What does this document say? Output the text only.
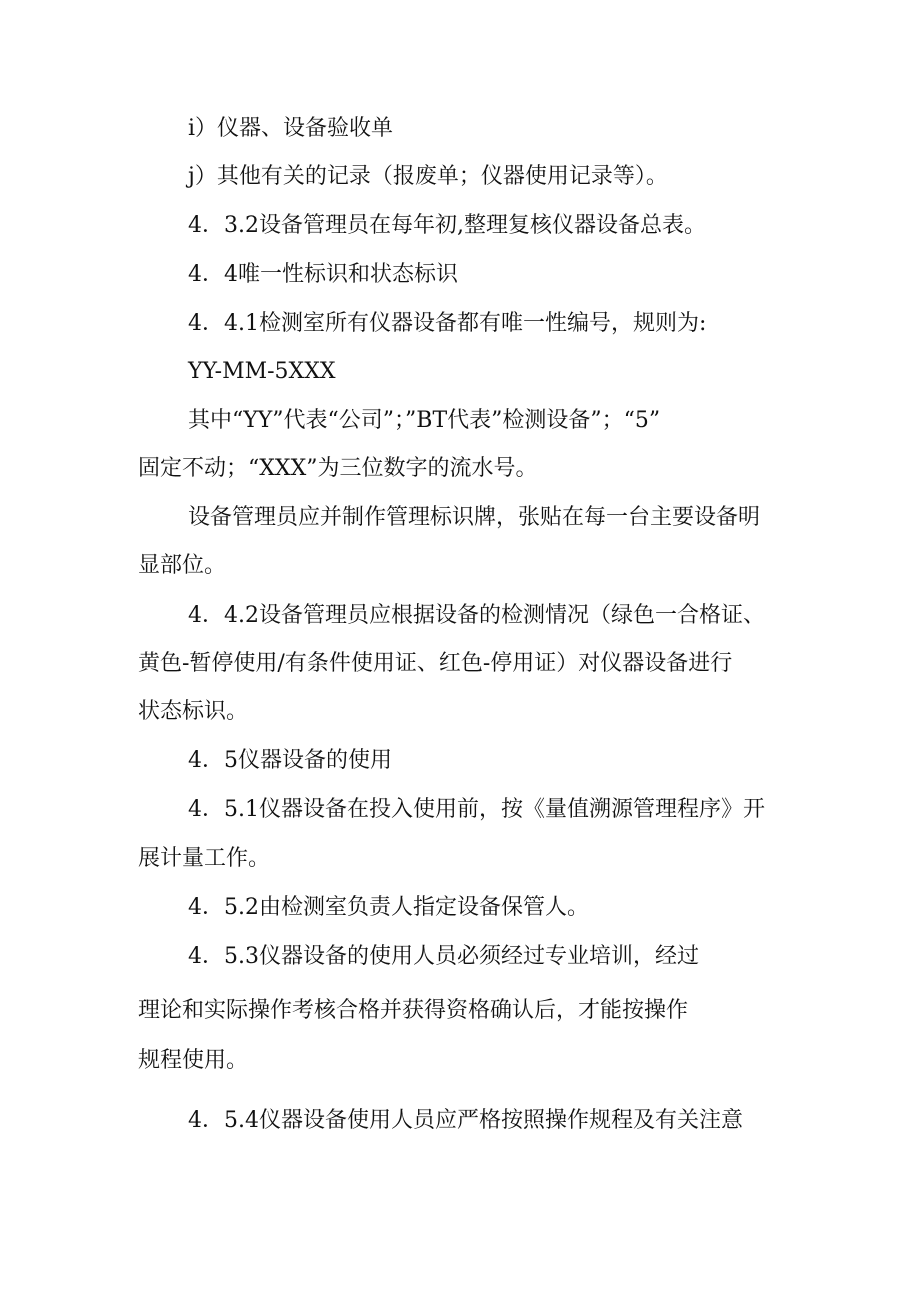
i）仪器、设备验收单
j）其他有关的记录（报废单；仪器使用记录等）。
4．3.2设备管理员在每年初,整理复核仪器设备总表。
4．4唯一性标识和状态标识
4．4.1检测室所有仪器设备都有唯一性编号，规则为:
YY-MM-5XXX
其中“YY”代表“公司”；”BT代表”检测设备”；“5”
固定不动；“XXX”为三位数字的流水号。
设备管理员应并制作管理标识牌，张贴在每一台主要设备明
显部位。
4．4.2设备管理员应根据设备的检测情况（绿色一合格证、
黄色-暂停使用/有条件使用证、红色-停用证）对仪器设备进行
状态标识。
4．5仪器设备的使用
4．5.1仪器设备在投入使用前，按《量值溯源管理程序》开
展计量工作。
4．5.2由检测室负责人指定设备保管人。
4．5.3仪器设备的使用人员必须经过专业培训，经过
理论和实际操作考核合格并获得资格确认后，才能按操作
规程使用。
4．5.4仪器设备使用人员应严格按照操作规程及有关注意
